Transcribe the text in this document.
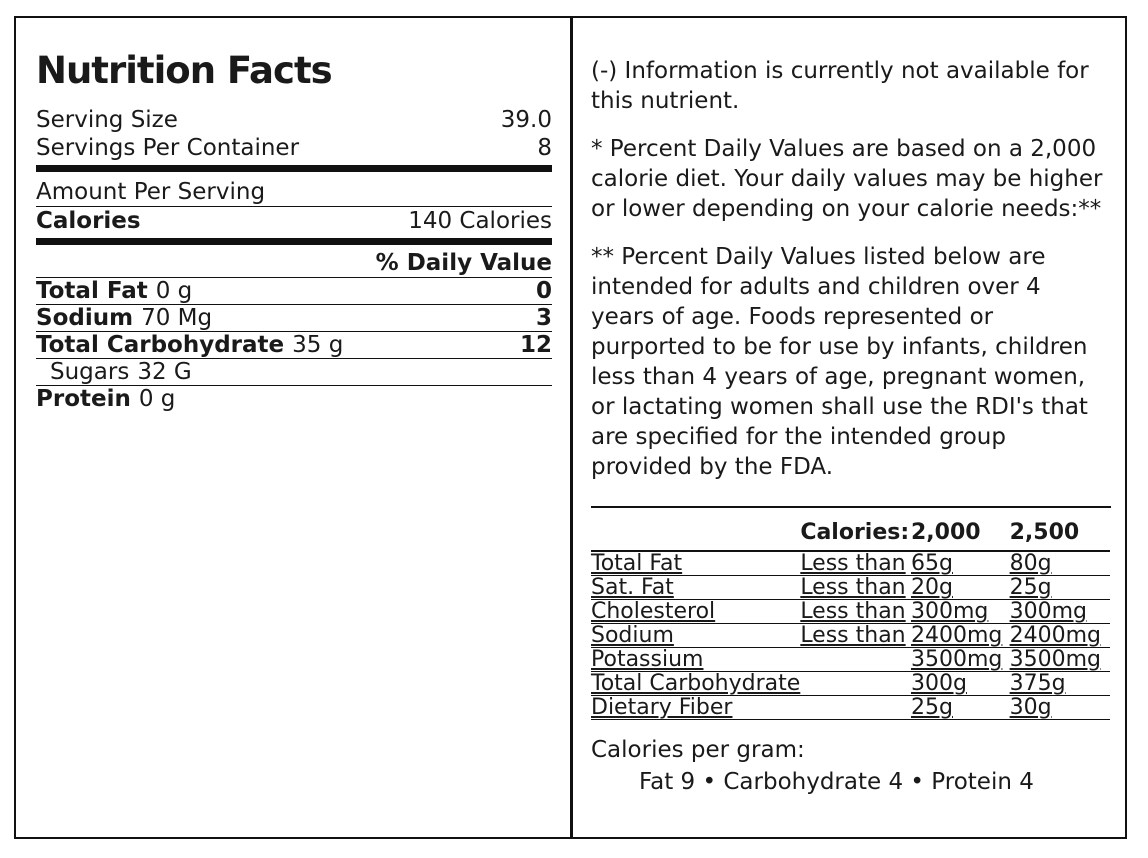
Nutrition Facts
Serving Size	39.0
Servings Per Container	8
Amount Per Serving
Calories	140 Calories
% Daily Value
Total Fat 0 g	0
Sodium 70 Mg	3
Total Carbohydrate 35 g	12
Sugars 32 G
Protein 0 g

(-) Information is currently not available for this nutrient.

* Percent Daily Values are based on a 2,000 calorie diet. Your daily values may be higher or lower depending on your calorie needs:**

** Percent Daily Values listed below are intended for adults and children over 4 years of age. Foods represented or purported to be for use by infants, children less than 4 years of age, pregnant women, or lactating women shall use the RDI's that are specified for the intended group provided by the FDA.

	Calories:	2,000	2,500
Total Fat	Less than	65g	80g
Sat. Fat	Less than	20g	25g
Cholesterol	Less than	300mg	300mg
Sodium	Less than	2400mg	2400mg
Potassium		3500mg	3500mg
Total Carbohydrate		300g	375g
Dietary Fiber		25g	30g
Calories per gram:
Fat 9 • Carbohydrate 4 • Protein 4
